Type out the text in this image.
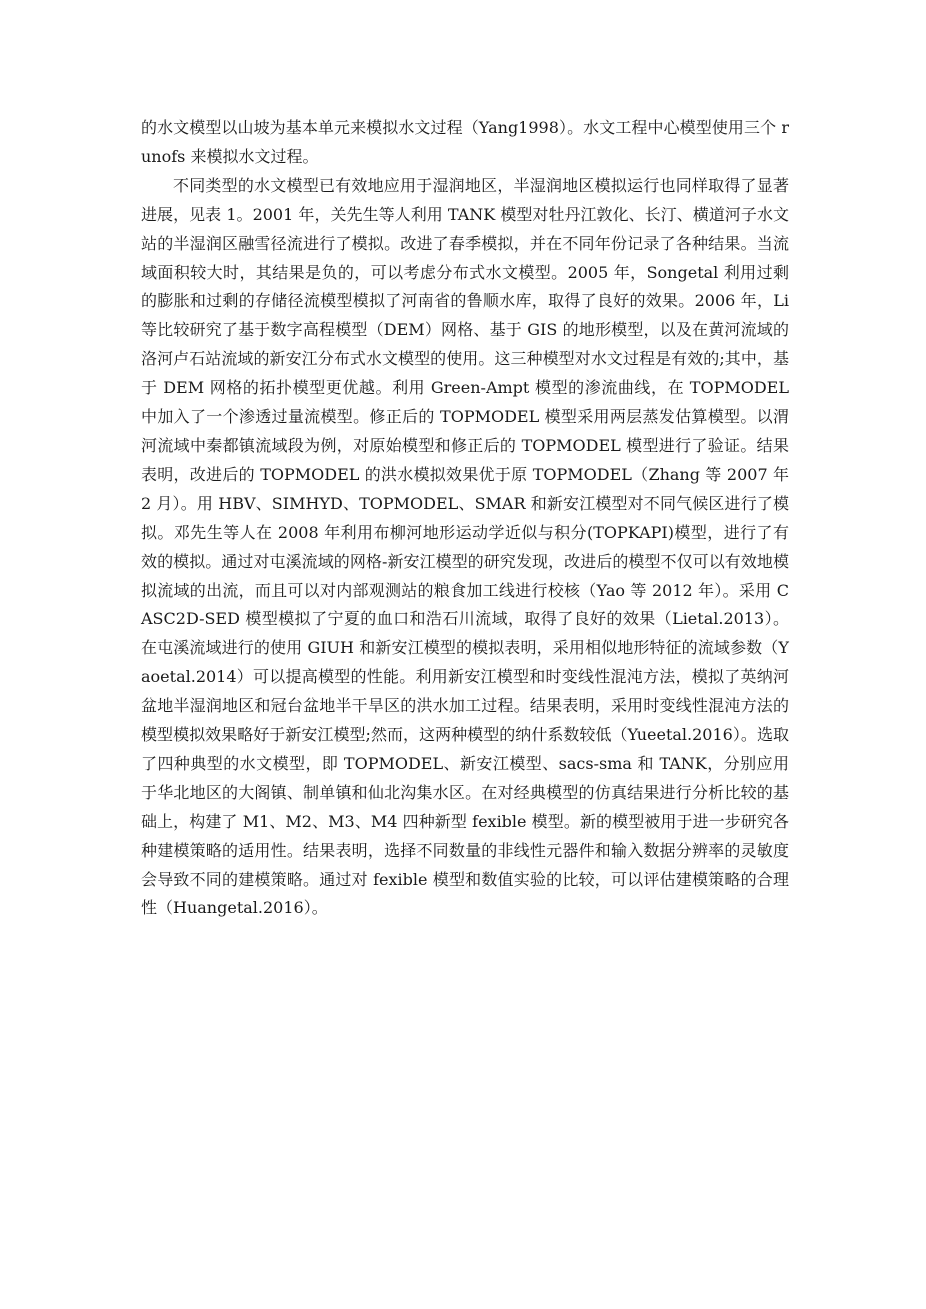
的水文模型以山坡为基本单元来模拟水文过程（Yang1998）。水文工程中心模型使用三个 runofs 来模拟水文过程。

不同类型的水文模型已有效地应用于湿润地区，半湿润地区模拟运行也同样取得了显著进展，见表 1。2001 年，关先生等人利用 TANK 模型对牡丹江敦化、长汀、横道河子水文站的半湿润区融雪径流进行了模拟。改进了春季模拟，并在不同年份记录了各种结果。当流域面积较大时，其结果是负的，可以考虑分布式水文模型。2005 年，Songetal 利用过剩的膨胀和过剩的存储径流模型模拟了河南省的鲁顺水库，取得了良好的效果。2006 年，Li 等比较研究了基于数字高程模型（DEM）网格、基于 GIS 的地形模型，以及在黄河流域的洛河卢石站流域的新安江分布式水文模型的使用。这三种模型对水文过程是有效的;其中，基于 DEM 网格的拓扑模型更优越。利用 Green-Ampt 模型的渗流曲线，在 TOPMODEL 中加入了一个渗透过量流模型。修正后的 TOPMODEL 模型采用两层蒸发估算模型。以渭河流域中秦都镇流域段为例，对原始模型和修正后的 TOPMODEL 模型进行了验证。结果表明，改进后的 TOPMODEL 的洪水模拟效果优于原 TOPMODEL（Zhang 等 2007 年 2 月）。用 HBV、SIMHYD、TOPMODEL、SMAR 和新安江模型对不同气候区进行了模拟。邓先生等人在 2008 年利用布柳河地形运动学近似与积分(TOPKAPI)模型，进行了有效的模拟。通过对屯溪流域的网格-新安江模型的研究发现，改进后的模型不仅可以有效地模拟流域的出流，而且可以对内部观测站的粮食加工线进行校核（Yao 等 2012 年）。采用 CASC2D-SED 模型模拟了宁夏的血口和浩石川流域，取得了良好的效果（Lietal.2013）。在屯溪流域进行的使用 GIUH 和新安江模型的模拟表明，采用相似地形特征的流域参数（Yaoetal.2014）可以提高模型的性能。利用新安江模型和时变线性混沌方法，模拟了英纳河盆地半湿润地区和冠台盆地半干旱区的洪水加工过程。结果表明，采用时变线性混沌方法的模型模拟效果略好于新安江模型;然而，这两种模型的纳什系数较低（Yueetal.2016）。选取了四种典型的水文模型，即 TOPMODEL、新安江模型、sacs-sma 和 TANK，分别应用于华北地区的大阁镇、制单镇和仙北沟集水区。在对经典模型的仿真结果进行分析比较的基础上，构建了 M1、M2、M3、M4 四种新型 fexible 模型。新的模型被用于进一步研究各种建模策略的适用性。结果表明，选择不同数量的非线性元器件和输入数据分辨率的灵敏度会导致不同的建模策略。通过对 fexible 模型和数值实验的比较，可以评估建模策略的合理性（Huangetal.2016）。
